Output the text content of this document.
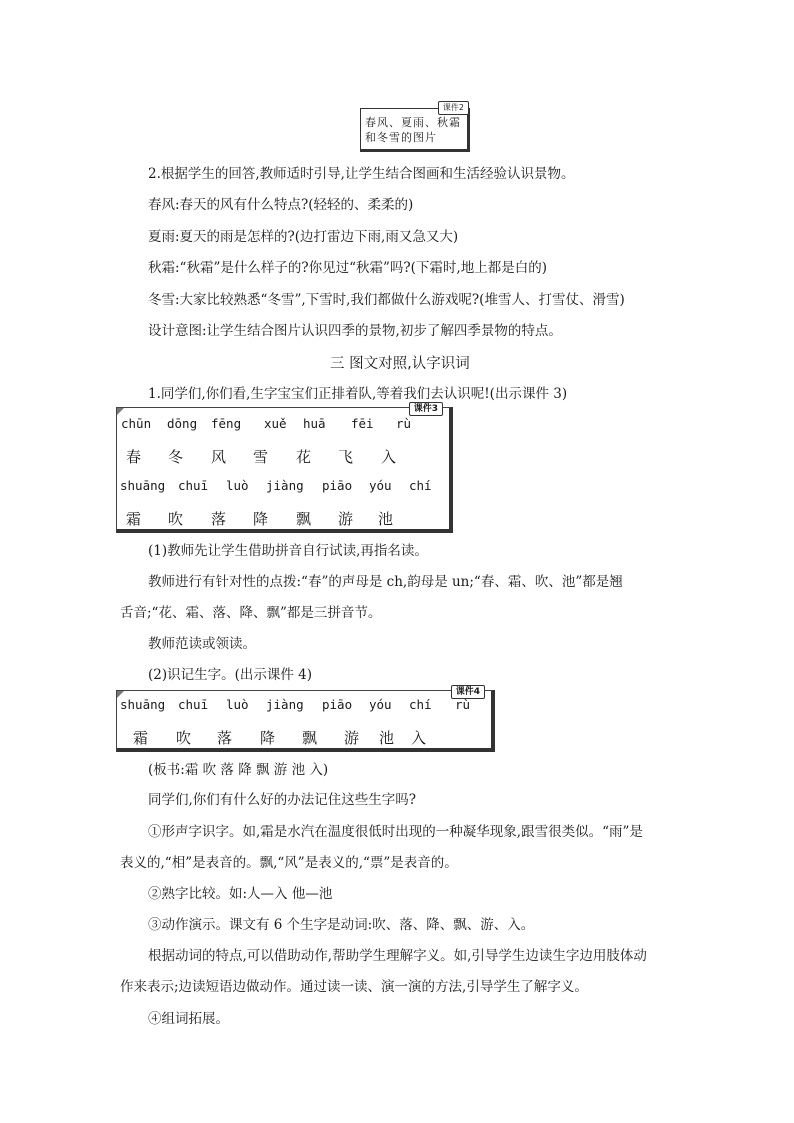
课件2
春风、夏雨、秋霜
和冬雪的图片
2.根据学生的回答,教师适时引导,让学生结合图画和生活经验认识景物。
春风:春天的风有什么特点?(轻轻的、柔柔的)
夏雨:夏天的雨是怎样的?(边打雷边下雨,雨又急又大)
秋霜:“秋霜”是什么样子的?你见过“秋霜”吗?(下霜时,地上都是白的)
冬雪:大家比较熟悉“冬雪”,下雪时,我们都做什么游戏呢?(堆雪人、打雪仗、滑雪)
设计意图:让学生结合图片认识四季的景物,初步了解四季景物的特点。
三 图文对照,认字识词
1.同学们,你们看,生字宝宝们正排着队,等着我们去认识呢!(出示课件 3)
课件3
chūn dōng fēng xuě huā fēi rù
春 冬 风 雪 花 飞 入
shuāng chuī luò jiàng piāo yóu chí
霜 吹 落 降 飘 游 池
(1)教师先让学生借助拼音自行试读,再指名读。
教师进行有针对性的点拨:“春”的声母是 ch,韵母是 un;“春、霜、吹、池”都是翘
舌音;“花、霜、落、降、飘”都是三拼音节。
教师范读或领读。
(2)识记生字。(出示课件 4)
课件4
shuāng chuī luò jiàng piāo yóu chí rù
霜 吹 落 降 飘 游 池 入
(板书:霜 吹 落 降 飘 游 池 入)
同学们,你们有什么好的办法记住这些生字吗?
①形声字识字。如,霜是水汽在温度很低时出现的一种凝华现象,跟雪很类似。“雨”是
表义的,“相”是表音的。飘,“风”是表义的,“票”是表音的。
②熟字比较。如:人—入 他—池
③动作演示。课文有 6 个生字是动词:吹、落、降、飘、游、入。
根据动词的特点,可以借助动作,帮助学生理解字义。如,引导学生边读生字边用肢体动
作来表示;边读短语边做动作。通过读一读、演一演的方法,引导学生了解字义。
④组词拓展。
